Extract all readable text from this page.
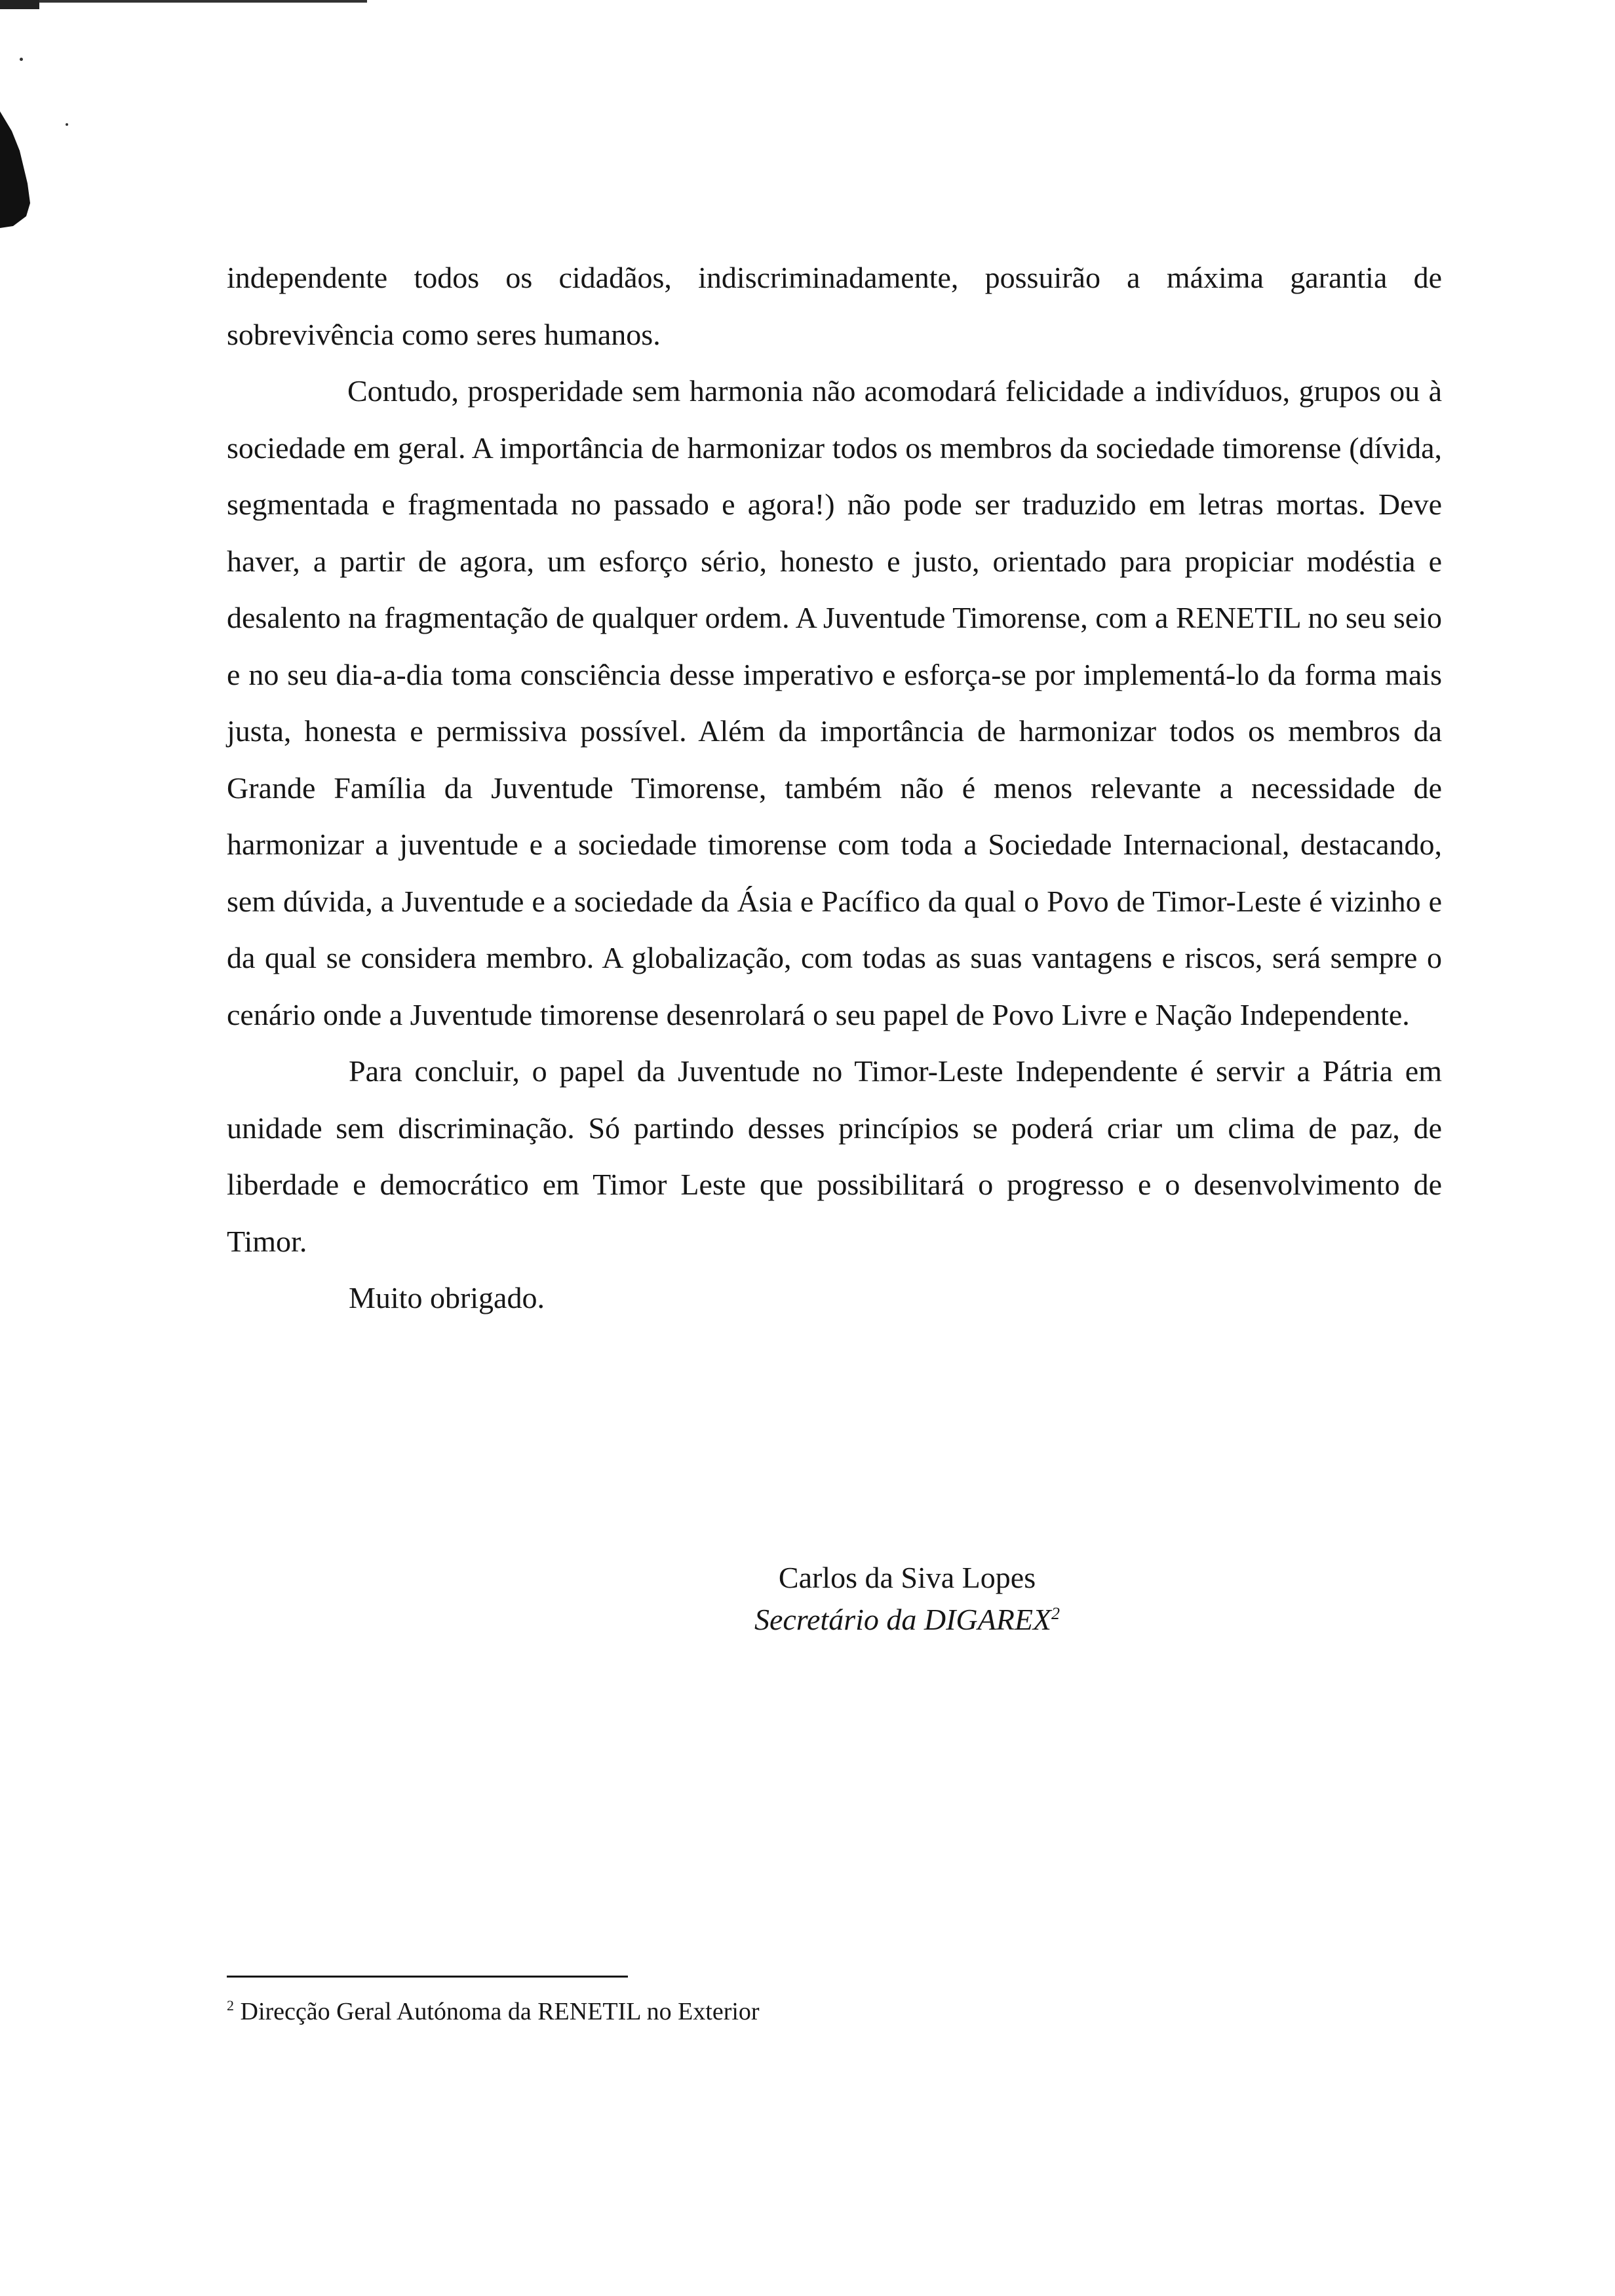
independente todos os cidadãos, indiscriminadamente, possuirão a máxima garantia de sobrevivência como seres humanos.

Contudo, prosperidade sem harmonia não acomodará felicidade a indivíduos, grupos ou à sociedade em geral. A importância de harmonizar todos os membros da sociedade timorense (dívida, segmentada e fragmentada no passado e agora!) não pode ser traduzido em letras mortas. Deve haver, a partir de agora, um esforço sério, honesto e justo, orientado para propiciar modéstia e desalento na fragmentação de qualquer ordem. A Juventude Timorense, com a RENETIL no seu seio e no seu dia-a-dia toma consciência desse imperativo e esforça-se por implementá-lo da forma mais justa, honesta e permissiva possível. Além da importância de harmonizar todos os membros da Grande Família da Juventude Timorense, também não é menos relevante a necessidade de harmonizar a juventude e a sociedade timorense com toda a Sociedade Internacional, destacando, sem dúvida, a Juventude e a sociedade da Ásia e Pacífico da qual o Povo de Timor-Leste é vizinho e da qual se considera membro. A globalização, com todas as suas vantagens e riscos, será sempre o cenário onde a Juventude timorense desenrolará o seu papel de Povo Livre e Nação Independente.

Para concluir, o papel da Juventude no Timor-Leste Independente é servir a Pátria em unidade sem discriminação. Só partindo desses princípios se poderá criar um clima de paz, de liberdade e democrático em Timor Leste que possibilitará o progresso e o desenvolvimento de Timor.

Muito obrigado.

Carlos da Siva Lopes
Secretário da DIGAREX$^2$
$^2$ Direcção Geral Autónoma da RENETIL no Exterior
